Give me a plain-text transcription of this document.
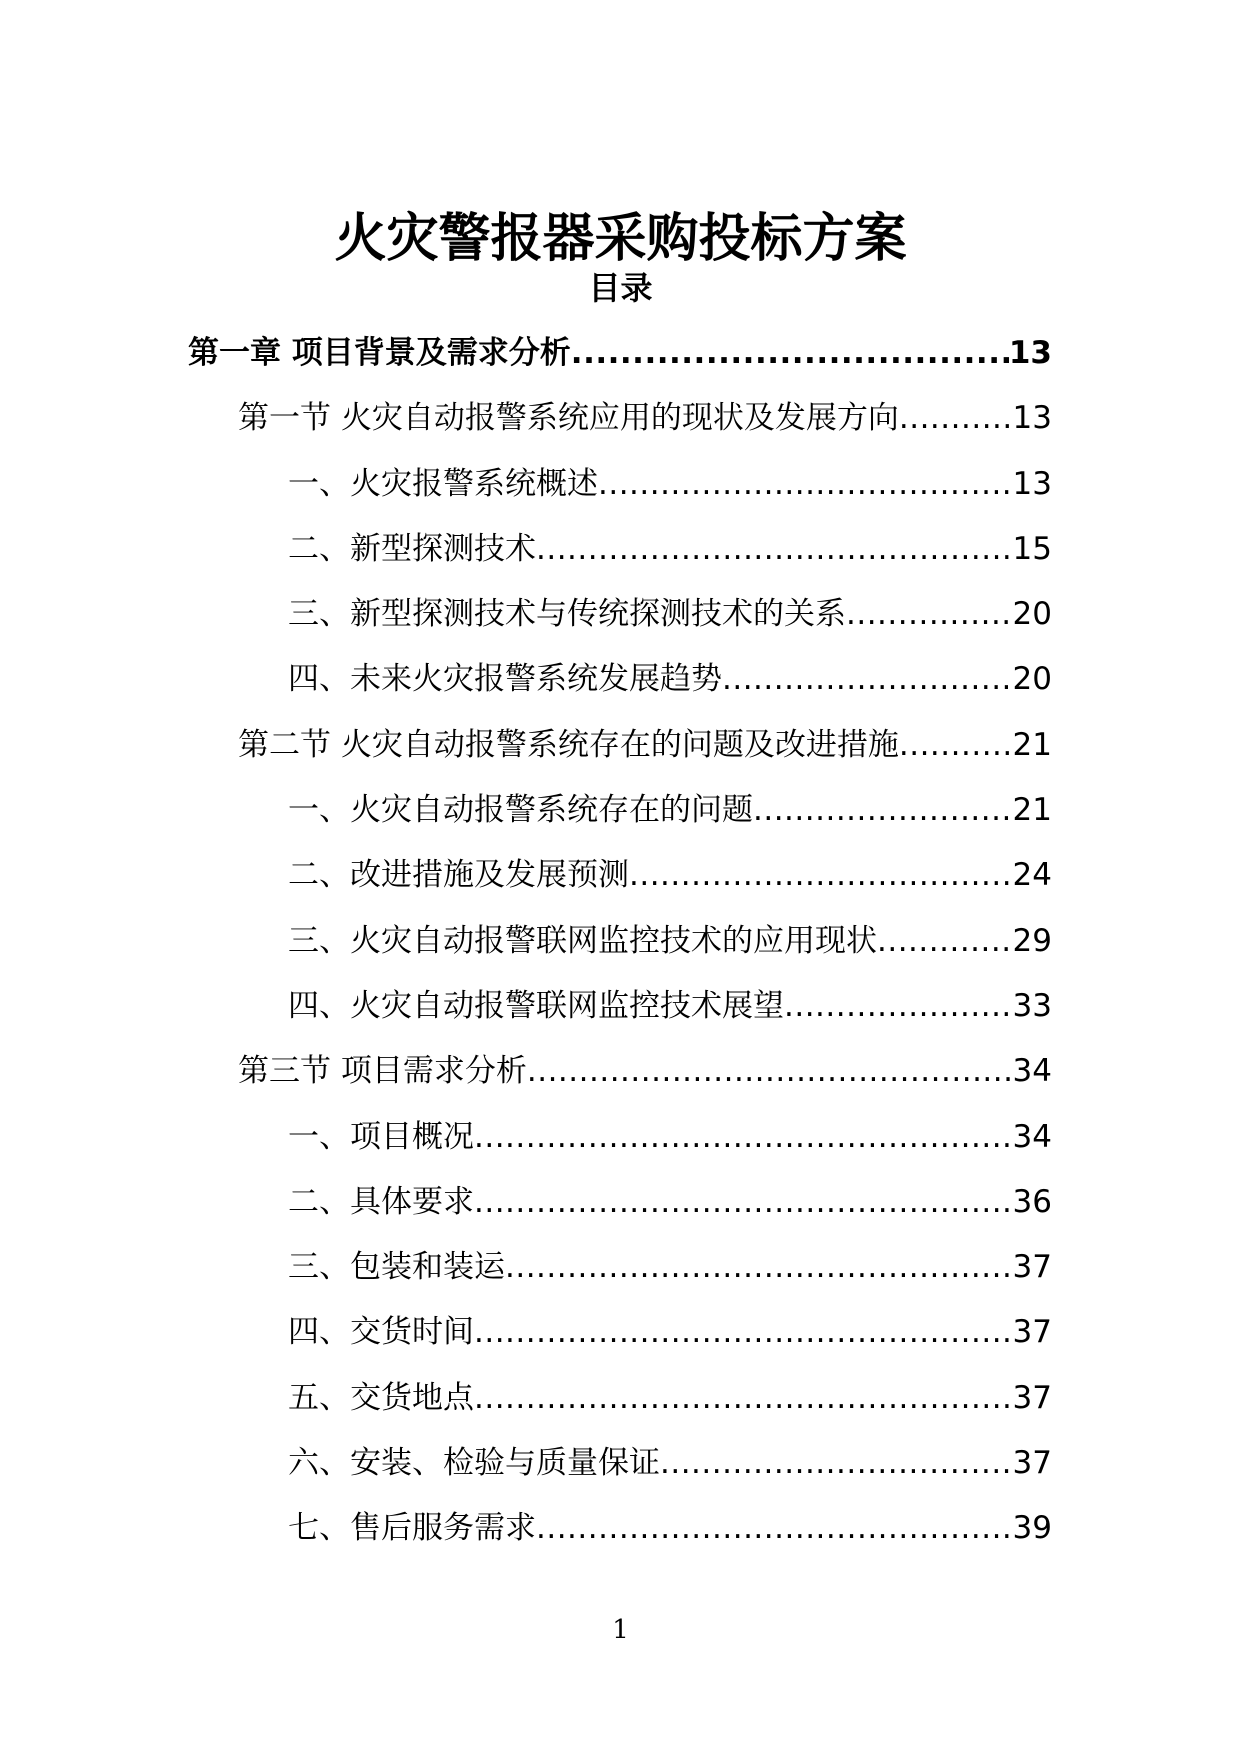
火灾警报器采购投标方案
目录
第一章 项目背景及需求分析 .....	13
第一节 火灾自动报警系统应用的现状及发展方向 .....	13
一、火灾报警系统概述 .....	13
二、新型探测技术 .....	15
三、新型探测技术与传统探测技术的关系 .....	20
四、未来火灾报警系统发展趋势 .....	20
第二节 火灾自动报警系统存在的问题及改进措施 .....	21
一、火灾自动报警系统存在的问题 .....	21
二、改进措施及发展预测 .....	24
三、火灾自动报警联网监控技术的应用现状 .....	29
四、火灾自动报警联网监控技术展望 .....	33
第三节 项目需求分析 .....	34
一、项目概况 .....	34
二、具体要求 .....	36
三、包装和装运 .....	37
四、交货时间 .....	37
五、交货地点 .....	37
六、安装、检验与质量保证 .....	37
七、售后服务需求 .....	39
1
